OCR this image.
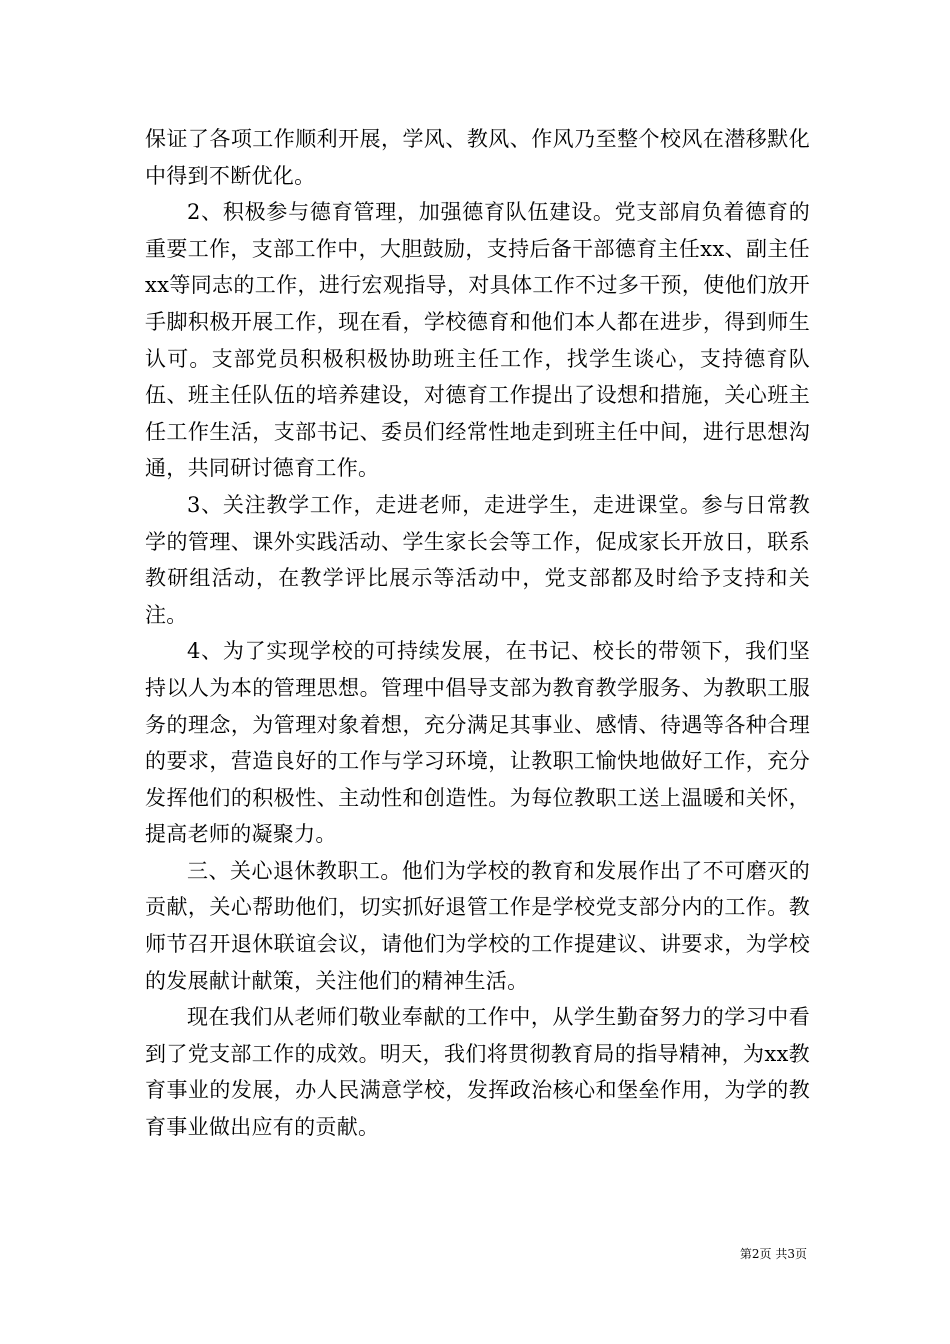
保证了各项工作顺利开展，学风、教风、作风乃至整个校风在潜移默化中得到不断优化。

2、积极参与德育管理，加强德育队伍建设。党支部肩负着德育的重要工作，支部工作中，大胆鼓励，支持后备干部德育主任xx、副主任xx等同志的工作，进行宏观指导，对具体工作不过多干预，使他们放开手脚积极开展工作，现在看，学校德育和他们本人都在进步，得到师生认可。支部党员积极积极协助班主任工作，找学生谈心，支持德育队伍、班主任队伍的培养建设，对德育工作提出了设想和措施，关心班主任工作生活，支部书记、委员们经常性地走到班主任中间，进行思想沟通，共同研讨德育工作。

3、关注教学工作，走进老师，走进学生，走进课堂。参与日常教学的管理、课外实践活动、学生家长会等工作，促成家长开放日，联系教研组活动，在教学评比展示等活动中，党支部都及时给予支持和关注。

4、为了实现学校的可持续发展，在书记、校长的带领下，我们坚持以人为本的管理思想。管理中倡导支部为教育教学服务、为教职工服务的理念，为管理对象着想，充分满足其事业、感情、待遇等各种合理的要求，营造良好的工作与学习环境，让教职工愉快地做好工作，充分发挥他们的积极性、主动性和创造性。为每位教职工送上温暖和关怀，提高老师的凝聚力。

三、关心退休教职工。他们为学校的教育和发展作出了不可磨灭的贡献，关心帮助他们，切实抓好退管工作是学校党支部分内的工作。教师节召开退休联谊会议，请他们为学校的工作提建议、讲要求，为学校的发展献计献策，关注他们的精神生活。

现在我们从老师们敬业奉献的工作中，从学生勤奋努力的学习中看到了党支部工作的成效。明天，我们将贯彻教育局的指导精神，为xx教育事业的发展，办人民满意学校，发挥政治核心和堡垒作用，为学的教育事业做出应有的贡献。

第2页 共3页
